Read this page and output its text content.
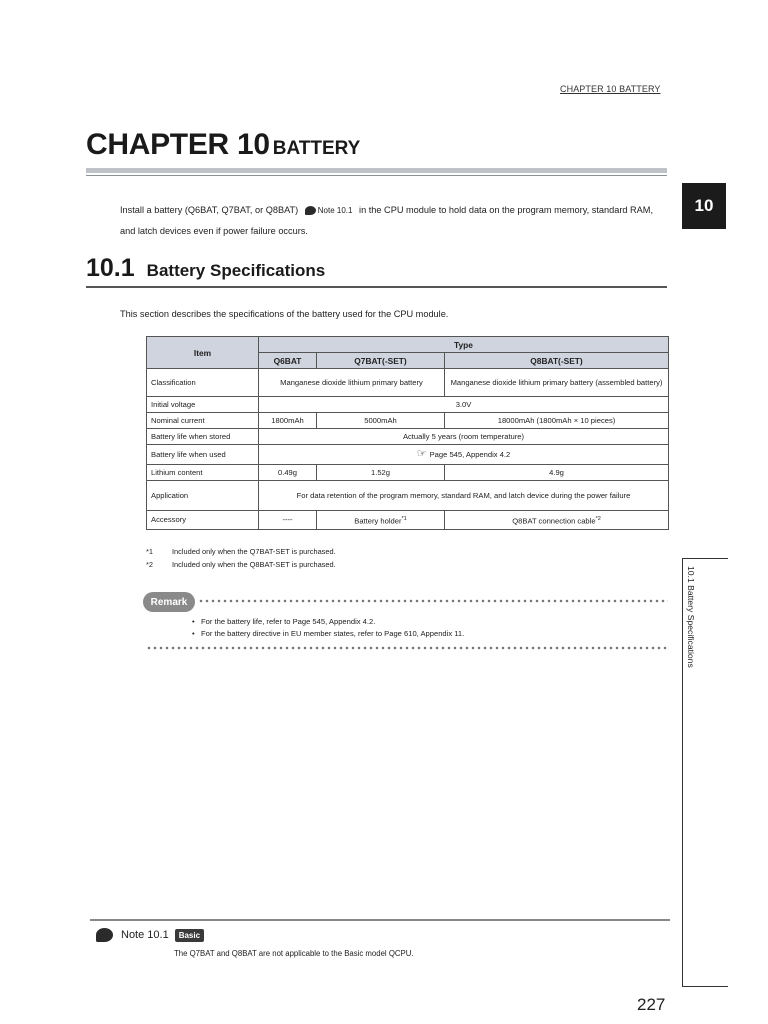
CHAPTER 10 BATTERY
CHAPTER 10 BATTERY
10
Install a battery (Q6BAT, Q7BAT, or Q8BAT) Note 10.1 in the CPU module to hold data on the program memory, standard RAM, and latch devices even if power failure occurs.
10.1 Battery Specifications
This section describes the specifications of the battery used for the CPU module.
Item	Type		
	Q6BAT	Q7BAT(-SET)	Q8BAT(-SET)
Classification	Manganese dioxide lithium primary battery		Manganese dioxide lithium primary battery (assembled battery)
Initial voltage	3.0V		
Nominal current	1800mAh	5000mAh	18000mAh (1800mAh × 10 pieces)
Battery life when stored	Actually 5 years (room temperature)		
Battery life when used	☞ Page 545, Appendix 4.2		
Lithium content	0.49g	1.52g	4.9g
Application	For data retention of the program memory, standard RAM, and latch device during the power failure		
Accessory	----	Battery holder$^{*1}$	Q8BAT connection cable$^{*2}$
*1	Included only when the Q7BAT-SET is purchased.
*2	Included only when the Q8BAT-SET is purchased.
Remark
• For the battery life, refer to Page 545, Appendix 4.2.
• For the battery directive in EU member states, refer to Page 610, Appendix 11.	10.1 Battery Specifications
Note 10.1	Basic
The Q7BAT and Q8BAT are not applicable to the Basic model QCPU.
227
